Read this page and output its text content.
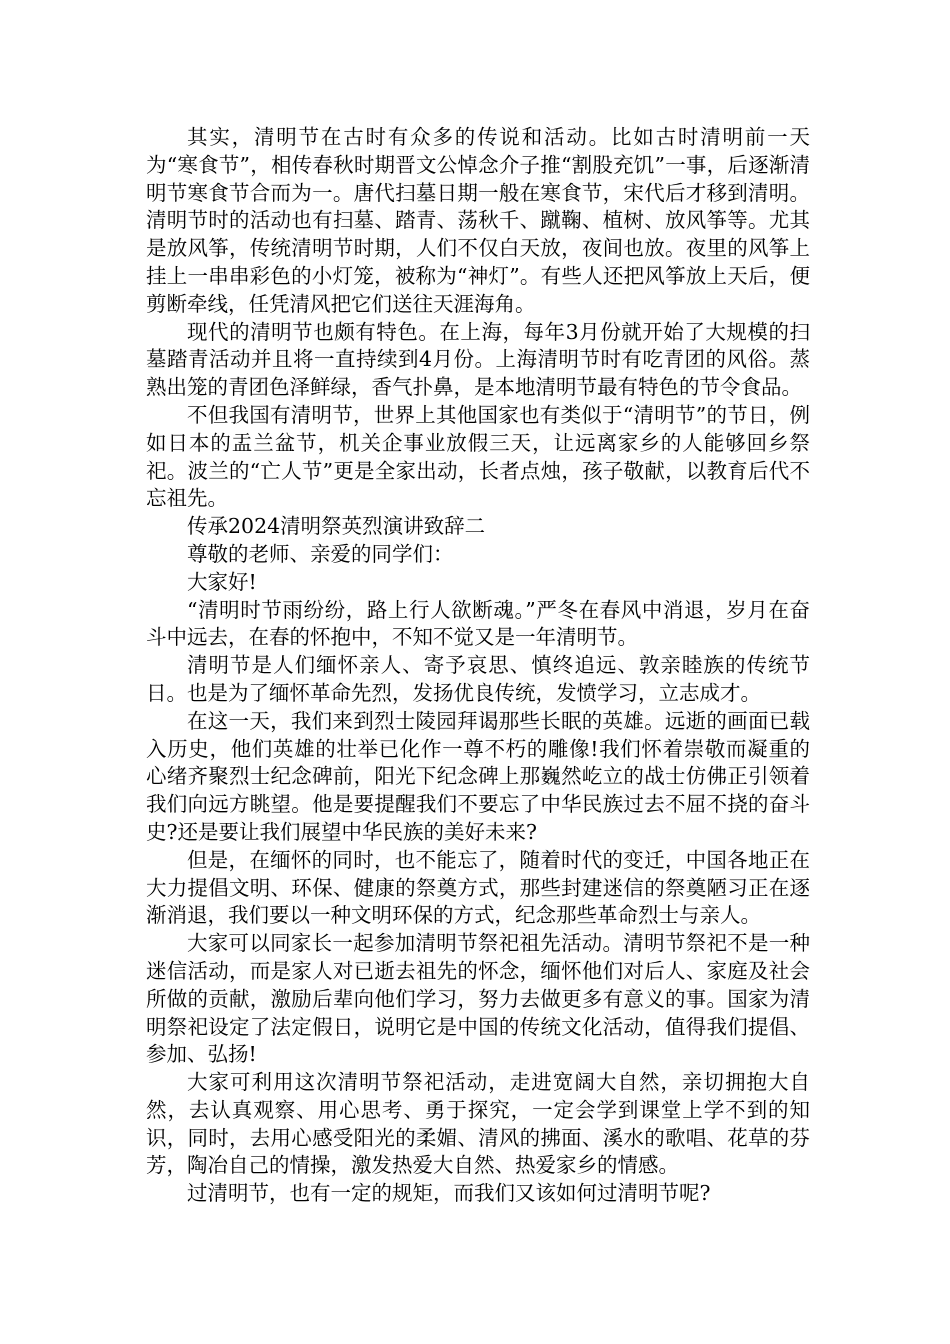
其实，清明节在古时有众多的传说和活动。比如古时清明前一天为“寒食节”，相传春秋时期晋文公悼念介子推“割股充饥”一事，后逐渐清明节寒食节合而为一。唐代扫墓日期一般在寒食节，宋代后才移到清明。清明节时的活动也有扫墓、踏青、荡秋千、蹴鞠、植树、放风筝等。尤其是放风筝，传统清明节时期，人们不仅白天放，夜间也放。夜里的风筝上挂上一串串彩色的小灯笼，被称为“神灯”。有些人还把风筝放上天后，便剪断牵线，任凭清风把它们送往天涯海角。

现代的清明节也颇有特色。在上海，每年3月份就开始了大规模的扫墓踏青活动并且将一直持续到4月份。上海清明节时有吃青团的风俗。蒸熟出笼的青团色泽鲜绿，香气扑鼻，是本地清明节最有特色的节令食品。

不但我国有清明节，世界上其他国家也有类似于“清明节”的节日，例如日本的盂兰盆节，机关企事业放假三天，让远离家乡的人能够回乡祭祀。波兰的“亡人节”更是全家出动，长者点烛，孩子敬献，以教育后代不忘祖先。

传承2024清明祭英烈演讲致辞二

尊敬的老师、亲爱的同学们：

大家好!

“清明时节雨纷纷，路上行人欲断魂。”严冬在春风中消退，岁月在奋斗中远去，在春的怀抱中，不知不觉又是一年清明节。

清明节是人们缅怀亲人、寄予哀思、慎终追远、敦亲睦族的传统节日。也是为了缅怀革命先烈，发扬优良传统，发愤学习，立志成才。

在这一天，我们来到烈士陵园拜谒那些长眠的英雄。远逝的画面已载入历史，他们英雄的壮举已化作一尊不朽的雕像!我们怀着崇敬而凝重的心绪齐聚烈士纪念碑前，阳光下纪念碑上那巍然屹立的战士仿佛正引领着我们向远方眺望。他是要提醒我们不要忘了中华民族过去不屈不挠的奋斗史?还是要让我们展望中华民族的美好未来?

但是，在缅怀的同时，也不能忘了，随着时代的变迁，中国各地正在大力提倡文明、环保、健康的祭奠方式，那些封建迷信的祭奠陋习正在逐渐消退，我们要以一种文明环保的方式，纪念那些革命烈士与亲人。

大家可以同家长一起参加清明节祭祀祖先活动。清明节祭祀不是一种迷信活动，而是家人对已逝去祖先的怀念，缅怀他们对后人、家庭及社会所做的贡献，激励后辈向他们学习，努力去做更多有意义的事。国家为清明祭祀设定了法定假日，说明它是中国的传统文化活动，值得我们提倡、参加、弘扬!

大家可利用这次清明节祭祀活动，走进宽阔大自然，亲切拥抱大自然，去认真观察、用心思考、勇于探究，一定会学到课堂上学不到的知识，同时，去用心感受阳光的柔媚、清风的拂面、溪水的歌唱、花草的芬芳，陶冶自己的情操，激发热爱大自然、热爱家乡的情感。

过清明节，也有一定的规矩，而我们又该如何过清明节呢?
